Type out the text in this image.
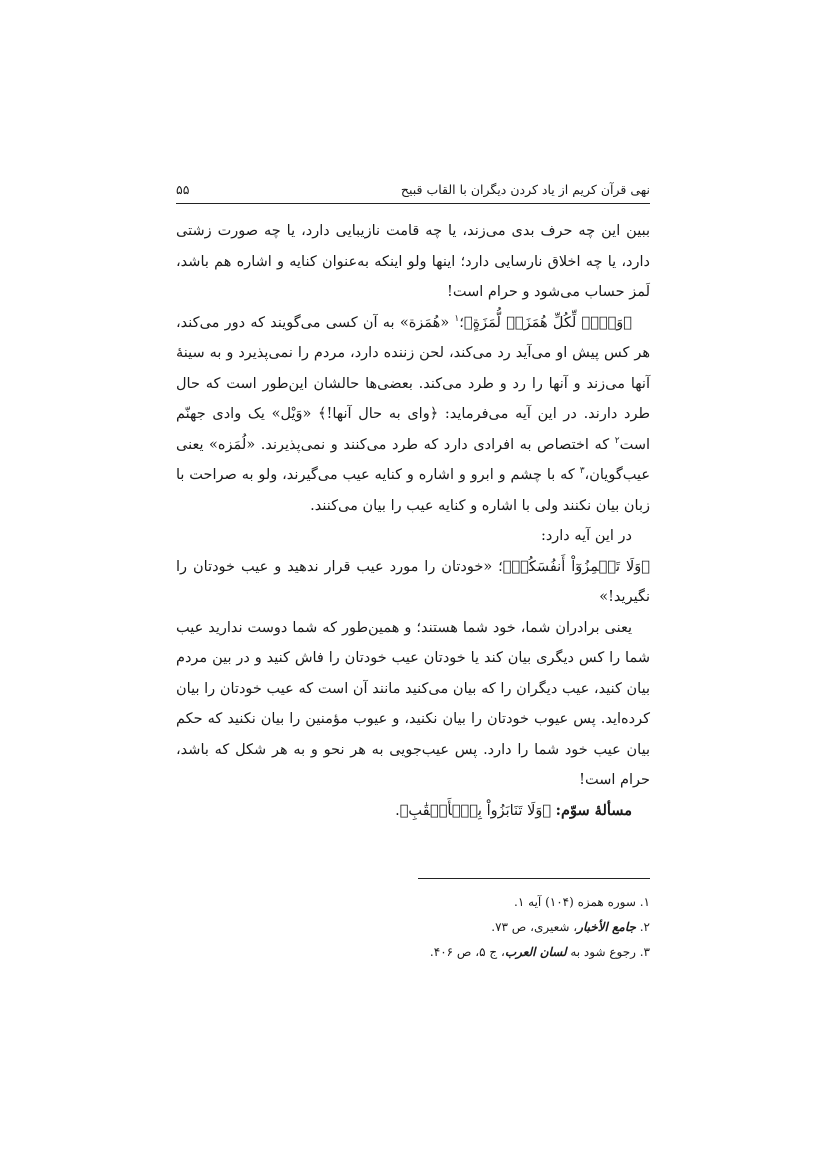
نهی قرآن کریم از یاد کردن دیگران با القاب قبیح
۵۵

ببین این چه حرف بدی می‌زند، یا چه قامت نازیبایی دارد، یا چه صورت زشتی دارد، یا چه اخلاق نارسایی دارد؛ اینها ولو اینکه به‌عنوان کنایه و اشاره هم باشد، لَمز حساب می‌شود و حرام است!

﴿وَيۡلٞ لِّكُلِّ هُمَزَةٖ لُّمَزَةٍ﴾؛$^۱$ «هُمَزة» به آن کسی می‌گویند که دور می‌کند، هر کس پیش او می‌آید رد می‌کند، لحن زننده دارد، مردم را نمی‌پذیرد و به سینهٔ آنها می‌زند و آنها را رد و طرد می‌کند. بعضی‌ها حالشان این‌طور است که حال طرد دارند. در این آیه می‌فرماید: ﴿وای به حال آنها!﴾ «وَيْل» یک وادی جهنّم است$^۲$ که اختصاص به افرادی دارد که طرد می‌کنند و نمی‌پذیرند. «لُمَزه» یعنی عیب‌گویان،$^۳$ که با چشم و ابرو و اشاره و کنایه عیب می‌گیرند، ولو به صراحت با زبان بیان نکنند ولی با اشاره و کنایه عیب را بیان می‌کنند.

در این آیه دارد:

﴿وَلَا تَلۡمِزُوٓاْ أَنفُسَكُمۡ﴾؛ «خودتان را مورد عیب قرار ندهید و عیب خودتان را نگیرید!»

یعنی برادران شما، خود شما هستند؛ و همین‌طور که شما دوست ندارید عیب شما را کس دیگری بیان کند یا خودتان عیب خودتان را فاش کنید و در بین مردم بیان کنید، عیب دیگران را که بیان می‌کنید مانند آن است که عیب خودتان را بیان کرده‌اید. پس عیوب خودتان را بیان نکنید، و عیوب مؤمنین را بیان نکنید که حکم بیان عیب خود شما را دارد. پس عیب‌جویی به هر نحو و به هر شکل که باشد، حرام است!

مسألهٔ سوّم: ﴿وَلَا تَنَابَزُواْ بِٱلۡأَلۡقَٰبِ﴾.

۱. سوره همزه (۱۰۴) آیه ۱.

۲. جامع الأخبار، شعیری، ص ۷۳.

۳. رجوع شود به لسان العرب، ج ۵، ص ۴۰۶.
